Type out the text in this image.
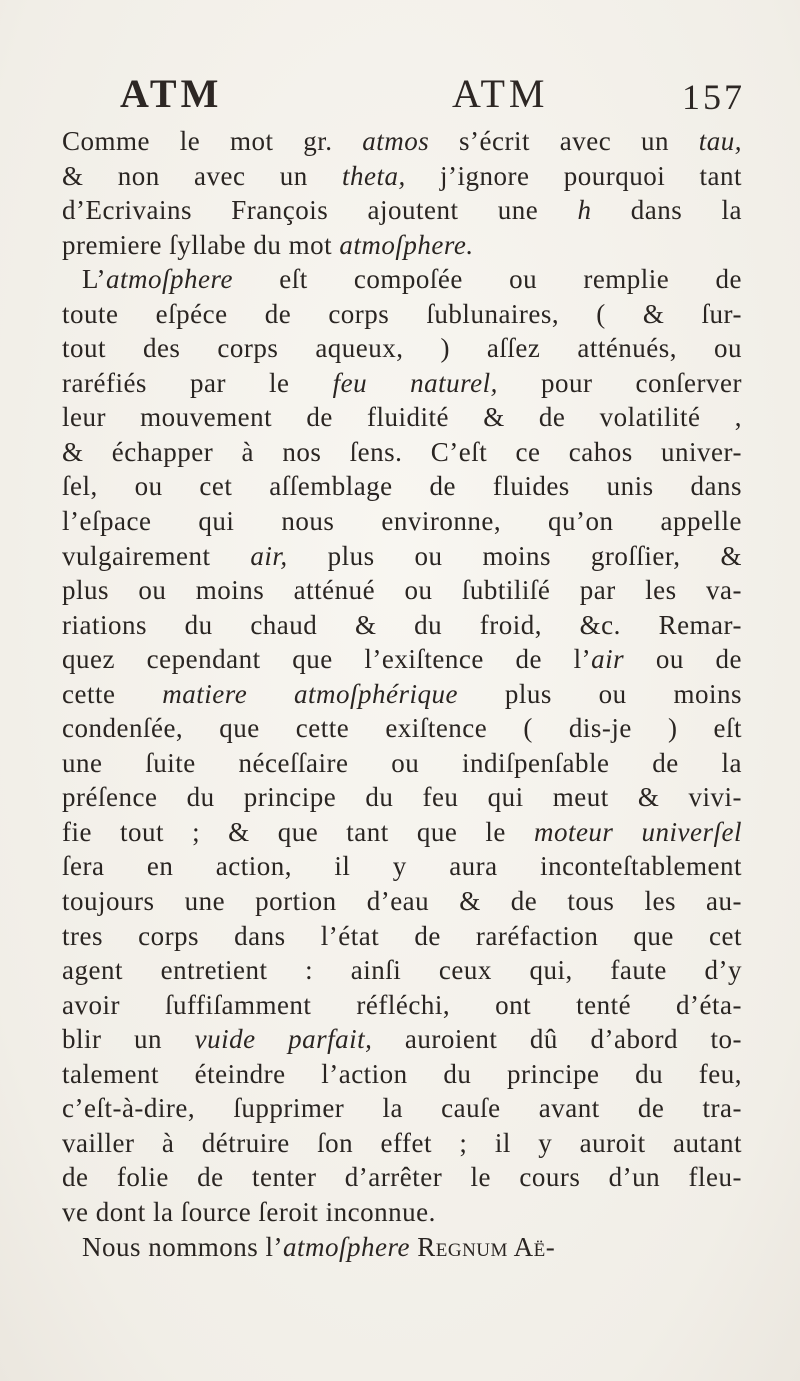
ATM	ATM	157
Comme le mot gr. atmos s’écrit avec un tau,
& non avec un theta, j’ignore pourquoi tant
d’Ecrivains François ajoutent une h dans la
premiere ſyllabe du mot atmoſphere.
L’atmoſphere eſt compoſée ou remplie de
toute eſpéce de corps ſublunaires, ( & ſur-
tout des corps aqueux, ) aſſez atténués, ou
raréfiés par le feu naturel, pour conſerver
leur mouvement de fluidité & de volatilité ,
& échapper à nos ſens. C’eſt ce cahos univer-
ſel, ou cet aſſemblage de fluides unis dans
l’eſpace qui nous environne, qu’on appelle
vulgairement air, plus ou moins groſſier, &
plus ou moins atténué ou ſubtiliſé par les va-
riations du chaud & du froid, &c. Remar-
quez cependant que l’exiſtence de l’air ou de
cette matiere atmoſphérique plus ou moins
condenſée, que cette exiſtence ( dis-je ) eſt
une ſuite néceſſaire ou indiſpenſable de la
préſence du principe du feu qui meut & vivi-
fie tout ; & que tant que le moteur univerſel
ſera en action, il y aura inconteſtablement
toujours une portion d’eau & de tous les au-
tres corps dans l’état de raréfaction que cet
agent entretient : ainſi ceux qui, faute d’y
avoir ſuffiſamment réfléchi, ont tenté d’éta-
blir un vuide parfait, auroient dû d’abord to-
talement éteindre l’action du principe du feu,
c’eſt-à-dire, ſupprimer la cauſe avant de tra-
vailler à détruire ſon effet ; il y auroit autant
de folie de tenter d’arrêter le cours d’un fleu-
ve dont la ſource ſeroit inconnue.
Nous nommons l’atmoſphere Regnum Aë-
